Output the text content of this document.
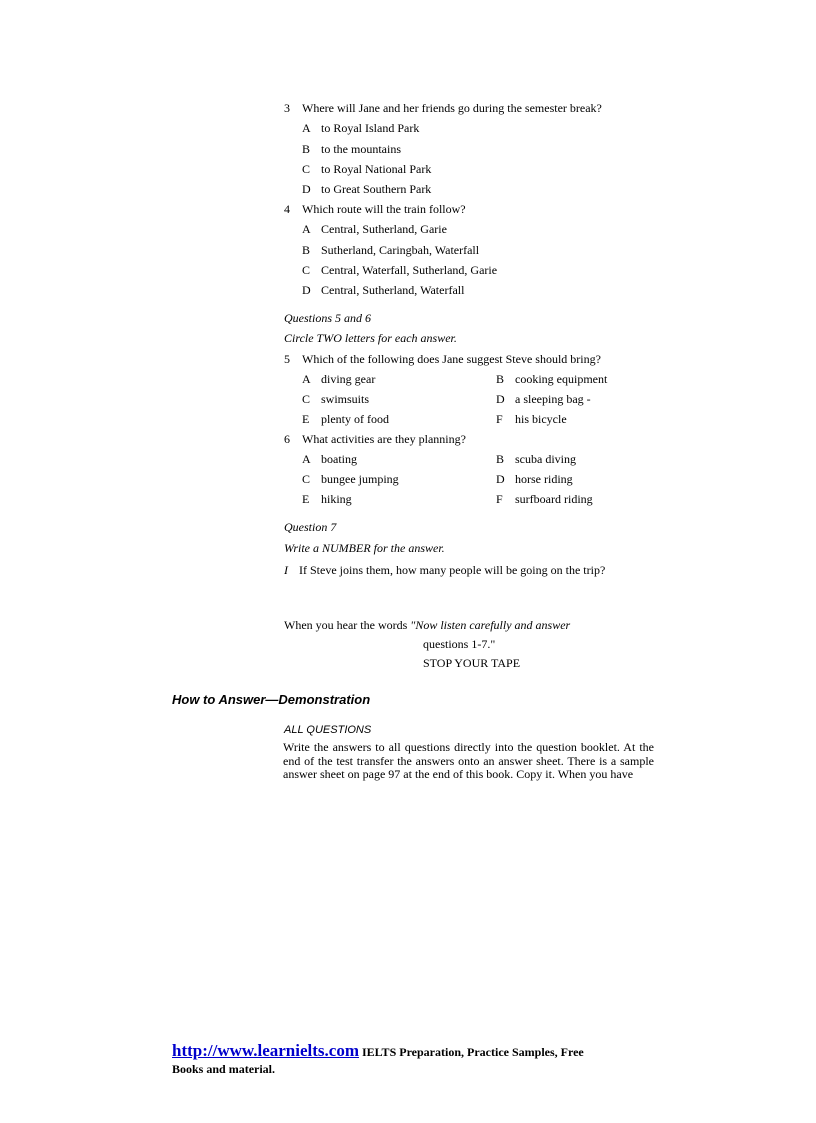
3 Where will Jane and her friends go during the semester break?
A to Royal Island Park
B to the mountains
C to Royal National Park
D to Great Southern Park
4 Which route will the train follow?
A Central, Sutherland, Garie
B Sutherland, Caringbah, Waterfall
C Central, Waterfall, Sutherland, Garie
D Central, Sutherland, Waterfall
Questions 5 and 6
Circle TWO letters for each answer.
5 Which of the following does Jane suggest Steve should bring?
A diving gear	B cooking equipment
C swimsuits	D a sleeping bag -
E plenty of food	F his bicycle
6 What activities are they planning?
A boating	B scuba diving
C bungee jumping	D horse riding
E hiking	F surfboard riding
Question 7
Write a NUMBER for the answer.
I If Steve joins them, how many people will be going on the trip?
When you hear the words "Now listen carefully and answer
questions 1-7."
STOP YOUR TAPE
How to Answer—Demonstration
ALL QUESTIONS
Write the answers to all questions directly into the question booklet. At the end of the test transfer the answers onto an answer sheet. There is a sample answer sheet on page 97 at the end of this book. Copy it. When you have
http://www.learnielts.com IELTS Preparation, Practice Samples, Free
Books and material.
